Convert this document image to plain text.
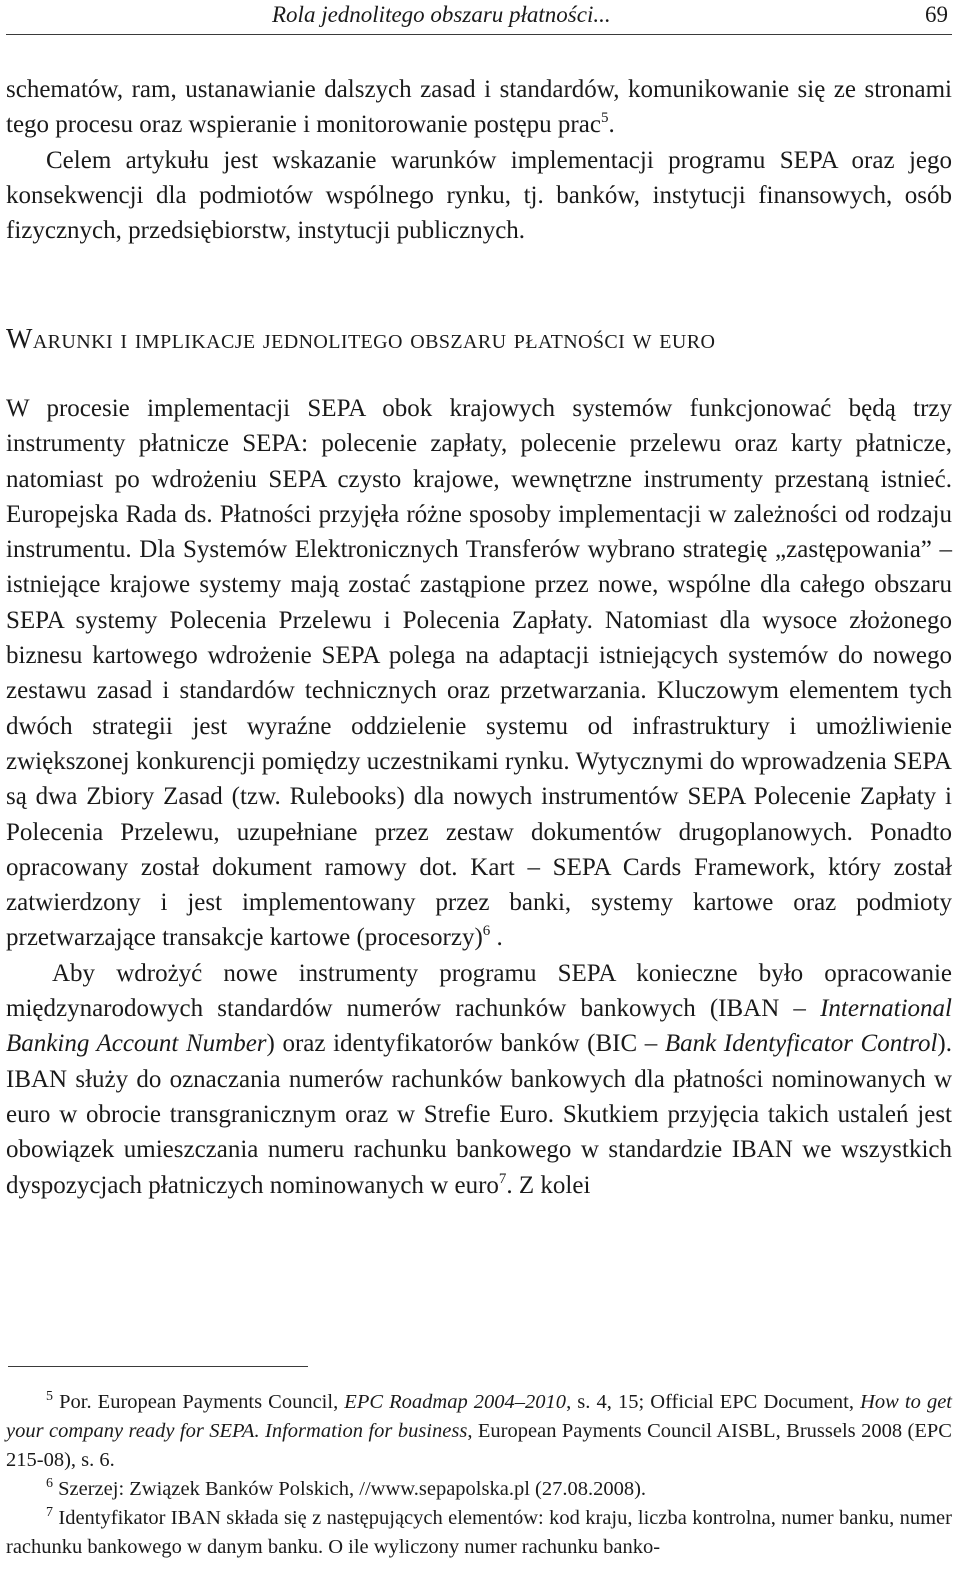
Rola jednolitego obszaru płatności...	69

schematów, ram, ustanawianie dalszych zasad i standardów, komunikowanie się ze stronami tego procesu oraz wspieranie i monitorowanie postępu prac$^5$.

Celem artykułu jest wskazanie warunków implementacji programu SEPA oraz jego konsekwencji dla podmiotów wspólnego rynku, tj. banków, instytucji finansowych, osób fizycznych, przedsiębiorstw, instytucji publicznych.

Warunki i implikacje jednolitego obszaru płatności w euro

W procesie implementacji SEPA obok krajowych systemów funkcjonować będą trzy instrumenty płatnicze SEPA: polecenie zapłaty, polecenie przelewu oraz karty płatnicze, natomiast po wdrożeniu SEPA czysto krajowe, wewnętrzne instrumenty przestaną istnieć. Europejska Rada ds. Płatności przyjęła różne sposoby implementacji w zależności od rodzaju instrumentu. Dla Systemów Elektronicznych Transferów wybrano strategię „zastępowania” – istniejące krajowe systemy mają zostać zastąpione przez nowe, wspólne dla całego obszaru SEPA systemy Polecenia Przelewu i Polecenia Zapłaty. Natomiast dla wysoce złożonego biznesu kartowego wdrożenie SEPA polega na adaptacji istniejących systemów do nowego zestawu zasad i standardów technicznych oraz przetwarzania. Kluczowym elementem tych dwóch strategii jest wyraźne oddzielenie systemu od infrastruktury i umożliwienie zwiększonej konkurencji pomiędzy uczestnikami rynku. Wytycznymi do wprowadzenia SEPA są dwa Zbiory Zasad (tzw. Rulebooks) dla nowych instrumentów SEPA Polecenie Zapłaty i Polecenia Przelewu, uzupełniane przez zestaw dokumentów drugoplanowych. Ponadto opracowany został dokument ramowy dot. Kart – SEPA Cards Framework, który został zatwierdzony i jest implementowany przez banki, systemy kartowe oraz podmioty przetwarzające transakcje kartowe (procesorzy)$^6$ .

Aby wdrożyć nowe instrumenty programu SEPA konieczne było opracowanie międzynarodowych standardów numerów rachunków bankowych (IBAN – International Banking Account Number) oraz identyfikatorów banków (BIC – Bank Identyficator Control). IBAN służy do oznaczania numerów rachunków bankowych dla płatności nominowanych w euro w obrocie transgranicznym oraz w Strefie Euro. Skutkiem przyjęcia takich ustaleń jest obowiązek umieszczania numeru rachunku bankowego w standardzie IBAN we wszystkich dyspozycjach płatniczych nominowanych w euro$^7$. Z kolei

$^5$ Por. European Payments Council, EPC Roadmap 2004–2010, s. 4, 15; Official EPC Document, How to get your company ready for SEPA. Information for business, European Payments Council AISBL, Brussels 2008 (EPC 215-08), s. 6.

$^6$ Szerzej: Związek Banków Polskich, //www.sepapolska.pl (27.08.2008).

$^7$ Identyfikator IBAN składa się z następujących elementów: kod kraju, liczba kontrolna, numer banku, numer rachunku bankowego w danym banku. O ile wyliczony numer rachunku banko-
